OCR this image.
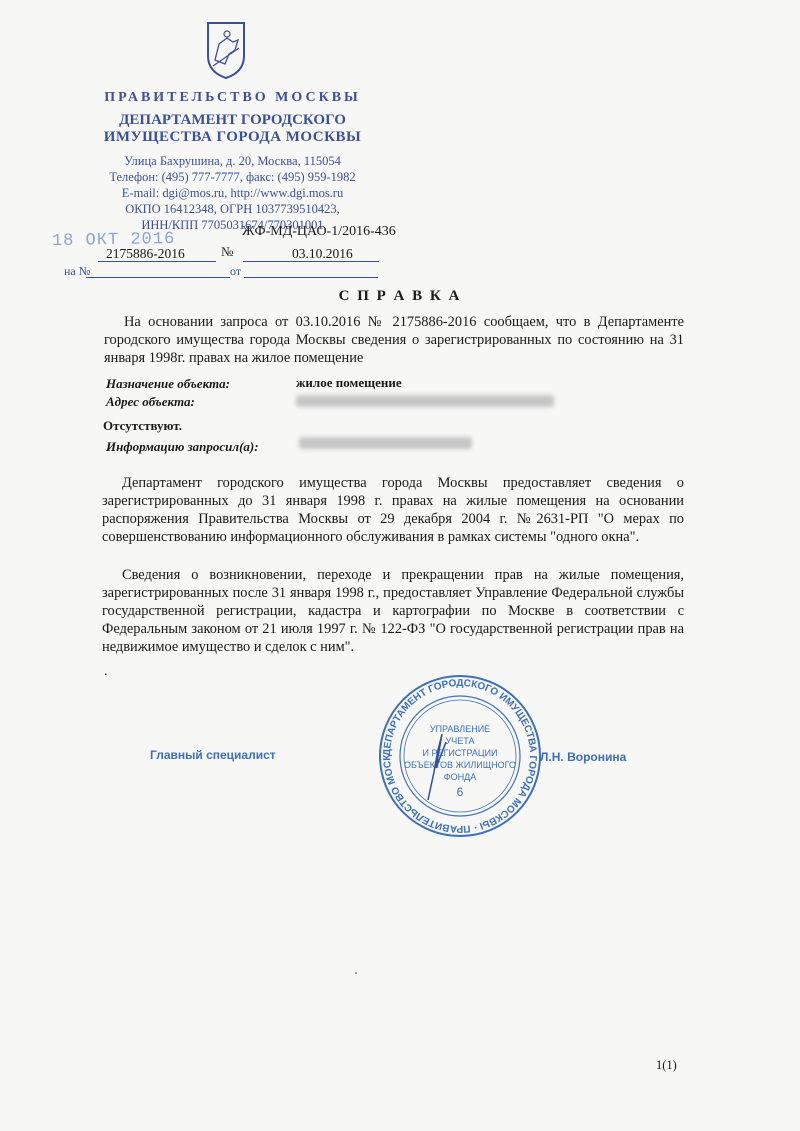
ПРАВИТЕЛЬСТВО МОСКВЫ
ДЕПАРТАМЕНТ ГОРОДСКОГО
ИМУЩЕСТВА ГОРОДА МОСКВЫ
Улица Бахрушина, д. 20, Москва, 115054
Телефон: (495) 777-7777, факс: (495) 959-1982
E-mail: dgi@mos.ru, http://www.dgi.mos.ru
ОКПО 16412348, ОГРН 1037739510423,
ИНН/КПП 7705031674/770301001
18 ОКТ 2016	ЖФ-МД-ЦАО-1/2016-436
2175886-2016	№	03.10.2016
на №	от
С П Р А В К А
На основании запроса от 03.10.2016 № 2175886-2016 сообщаем, что в Департаменте городского имущества города Москвы сведения о зарегистрированных по состоянию на 31 января 1998г. правах на жилое помещение
Назначение объекта:	жилое помещение
Адрес объекта:
Отсутствуют.
Информацию запросил(а):
Департамент городского имущества города Москвы предоставляет сведения о зарегистрированных до 31 января 1998 г. правах на жилые помещения на основании распоряжения Правительства Москвы от 29 декабря 2004 г. №2631-РП "О мерах по совершенствованию информационного обслуживания в рамках системы "одного окна".
Сведения о возникновении, переходе и прекращении прав на жилые помещения, зарегистрированных после 31 января 1998 г., предоставляет Управление Федеральной службы государственной регистрации, кадастра и картографии по Москве в соответствии с Федеральным законом от 21 июля 1997 г. № 122-ФЗ "О государственной регистрации прав на недвижимое имущество и сделок с ним".
.
Главный специалист	Л.Н. Воронина
ДЕПАРТАМЕНТ ГОРОДСКОГО ИМУЩЕСТВА ГОРОДА МОСКВЫ · ПРАВИТЕЛЬСТВО МОСК
УПРАВЛЕНИЕ
УЧЕТА
И РЕГИСТРАЦИИ
ОБЪЕКТОВ ЖИЛИЩНОГО
ФОНДА
6
1(1)
